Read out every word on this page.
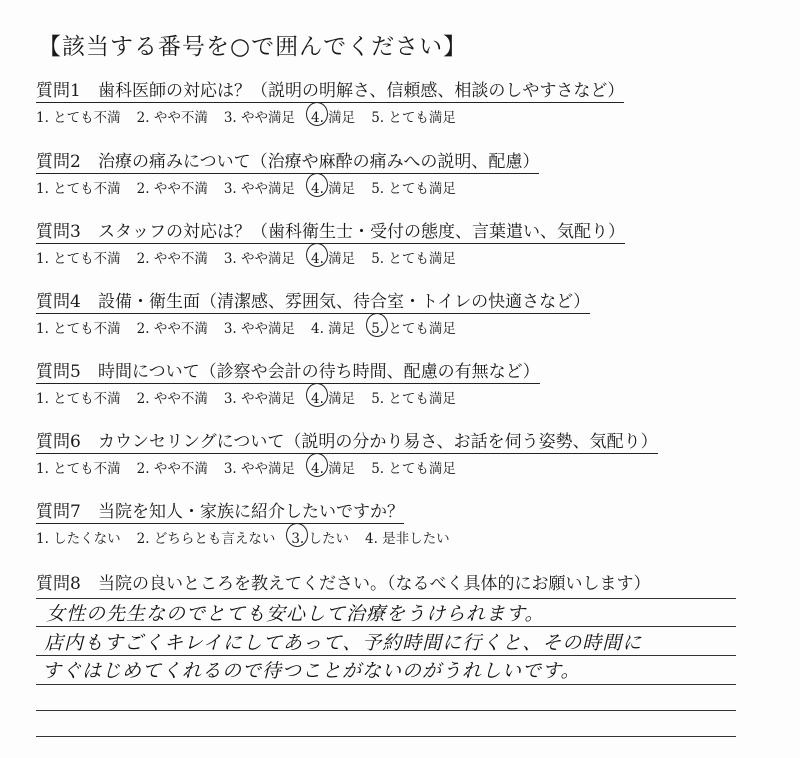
【該当する番号を○で囲んでください】
質問1 歯科医師の対応は？（説明の明解さ、信頼感、相談のしやすさなど）
1. とても不満 2. やや不満 3. やや満足 4. 満足 5. とても満足
質問2 治療の痛みについて（治療や麻酔の痛みへの説明、配慮）
1. とても不満 2. やや不満 3. やや満足 4. 満足 5. とても満足
質問3 スタッフの対応は？（歯科衛生士・受付の態度、言葉遣い、気配り）
1. とても不満 2. やや不満 3. やや満足 4. 満足 5. とても満足
質問4 設備・衛生面（清潔感、雰囲気、待合室・トイレの快適さなど）
1. とても不満 2. やや不満 3. やや満足 4. 満足 5. とても満足
質問5 時間について（診察や会計の待ち時間、配慮の有無など）
1. とても不満 2. やや不満 3. やや満足 4. 満足 5. とても満足
質問6 カウンセリングについて（説明の分かり易さ、お話を伺う姿勢、気配り）
1. とても不満 2. やや不満 3. やや満足 4. 満足 5. とても満足
質問7 当院を知人・家族に紹介したいですか？
1. したくない 2. どちらとも言えない 3. したい 4. 是非したい
質問8 当院の良いところを教えてください。（なるべく具体的にお願いします）
女性の先生なのでとても安心して治療をうけられます。
店内もすごくキレイにしてあって、予約時間に行くと、その時間に
すぐはじめてくれるので待つことがないのがうれしいです。
